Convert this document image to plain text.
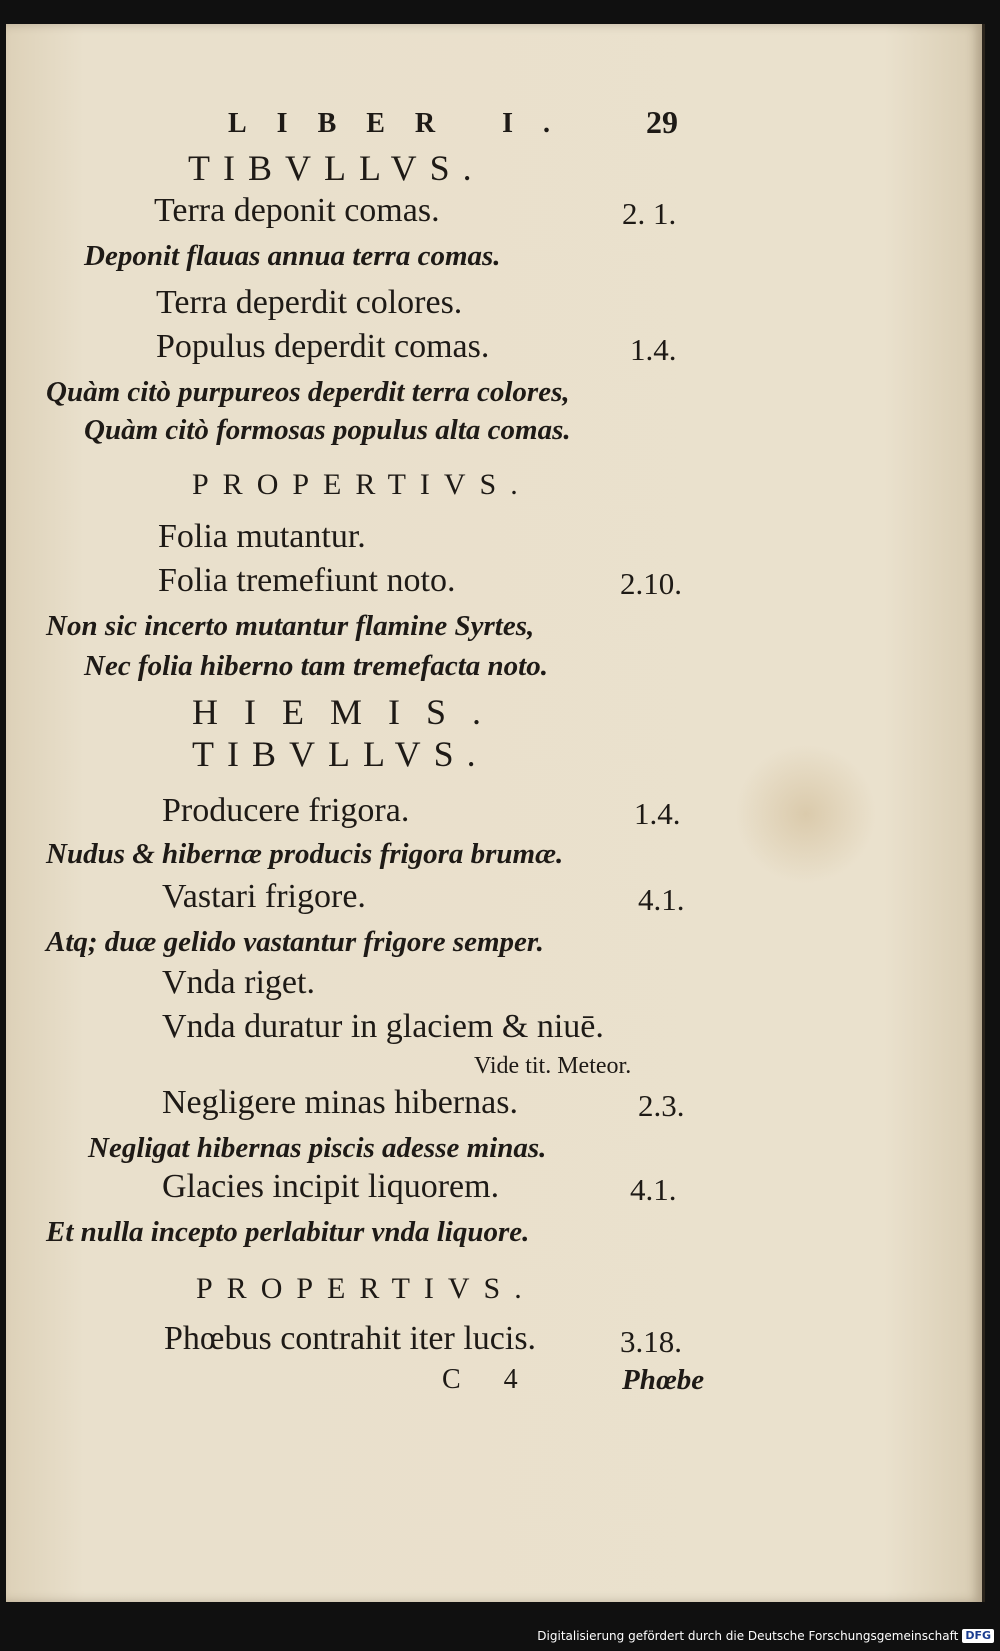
LIBER I. 29
TIBVLLVS.
Terra deponit comas.	2. 1.
Deponit flauas annua terra comas.
Terra deperdit colores.
Populus deperdit comas.	1.4.
Quàm citò purpureos deperdit terra colores,
Quàm citò formosas populus alta comas.
PROPERTIVS.
Folia mutantur.
Folia tremefiunt noto.	2.10.
Non sic incerto mutantur flamine Syrtes,
Nec folia hiberno tam tremefacta noto.
HIEMIS.
TIBVLLVS.
Producere frigora.	1.4.
Nudus & hibernæ producis frigora brumæ.
Vastari frigore.	4.1.
Atq; duæ gelido vastantur frigore semper.
Vnda riget.
Vnda duratur in glaciem & niuē.
Vide tit. Meteor.
Negligere minas hibernas.	2.3.
Negligat hibernas piscis adesse minas.
Glacies incipit liquorem.	4.1.
Et nulla incepto perlabitur vnda liquore.
PROPERTIVS.
Phœbus contrahit iter lucis.	3.18.
C 4	Phœbe
Digitalisierung gefördert durch die Deutsche Forschungsgemeinschaft DFG
